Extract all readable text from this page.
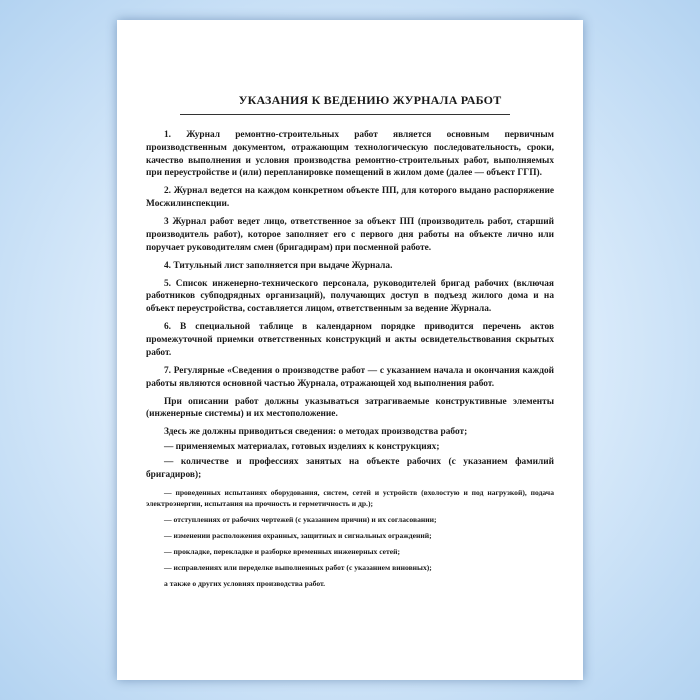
УКАЗАНИЯ К ВЕДЕНИЮ ЖУРНАЛА РАБОТ

1. Журнал ремонтно-строительных работ является основным первичным производственным документом, отражающим технологическую последовательность, сроки, качество выполнения и условия производства ремонтно-строительных работ, выполняемых при переустройстве и (или) перепланировке помещений в жилом доме (далее — объект ГГП).

2. Журнал ведется на каждом конкретном объекте ПП, для которого выдано распоряжение Мосжилинспекции.

3 Журнал работ ведет лицо, ответственное за объект ПП (производитель работ, старший производитель работ), которое заполняет его с первого дня работы на объекте лично или поручает руководителям смен (бригадирам) при посменной работе.

4. Титульный лист заполняется при выдаче Журнала.

5. Список инженерно-технического персонала, руководителей бригад рабочих (включая работников субподрядных организаций), получающих доступ в подъезд жилого дома и на объект переустройства, составляется лицом, ответственным за ведение Журнала.

6. В специальной таблице в календарном порядке приводится перечень актов промежуточной приемки ответственных конструкций и акты освидетельствования скрытых работ.

7. Регулярные «Сведения о производстве работ — с указанием начала и окончания каждой работы являются основной частью Журнала, отражающей ход выполнения работ.

При описании работ должны указываться затрагиваемые конструктивные элементы (инженерные системы) и их местоположение.

Здесь же должны приводиться сведения: о методах производства работ;

— применяемых материалах, готовых изделиях к конструкциях;

— количестве и профессиях занятых на объекте рабочих (с указанием фамилий бригадиров);

— проведенных испытаниях оборудования, систем, сетей и устройств (вхолостую и под нагрузкой), подача электроэнергии, испытания на прочность и герметичность и др.);

— отступлениях от рабочих чертежей (с указанием причин) и их согласовании;

— изменении расположения охранных, защитных и сигнальных ограждений;

— прокладке, перекладке и разборке временных инженерных сетей;

— исправлениях или переделке выполненных работ (с указанием виновных);

а также о других условиях производства работ.
